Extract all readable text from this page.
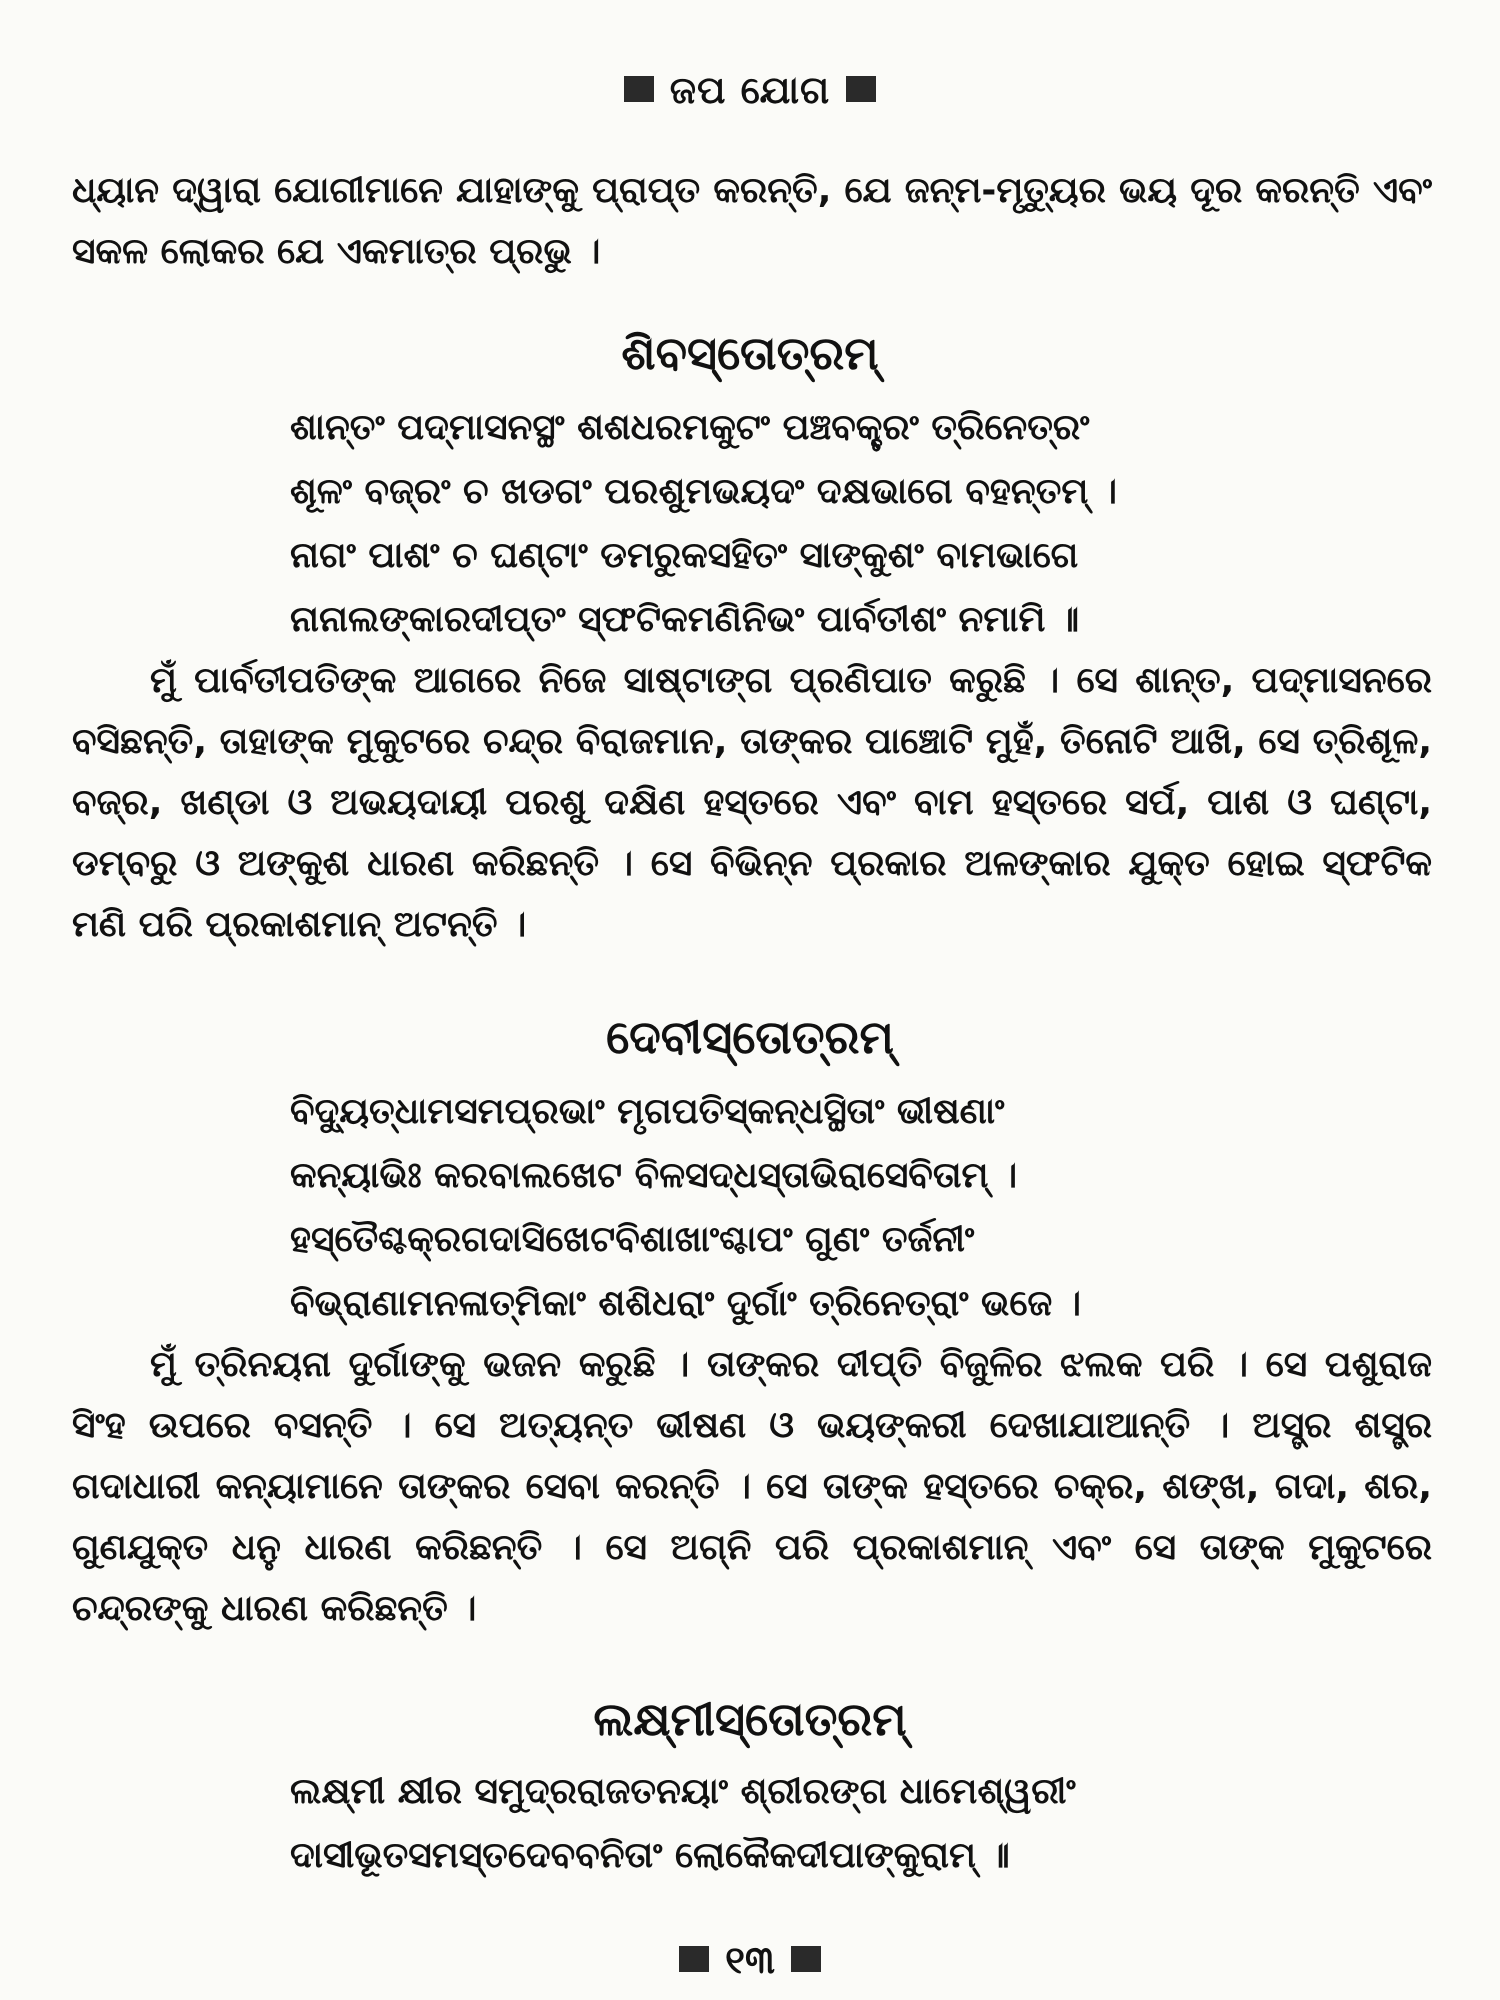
ଜପ ଯୋଗ

ଧ୍ୟାନ ଦ୍ୱାରା ଯୋଗୀମାନେ ଯାହାଙ୍କୁ ପ୍ରାପ୍ତ କରନ୍ତି, ଯେ ଜନ୍ମ-ମୃତ୍ୟୁର ଭୟ ଦୂର କରନ୍ତି ଏବଂ ସକଳ ଲୋକର ଯେ ଏକମାତ୍ର ପ୍ରଭୁ ।

ଶିବସ୍ତୋତ୍ରମ୍
ଶାନ୍ତଂ ପଦ୍ମାସନସ୍ଥଂ ଶଶଧରମକୁଟଂ ପଞ୍ଚବକ୍ତ୍ରଂ ତ୍ରିନେତ୍ରଂ
ଶୂଳଂ ବଜ୍ରଂ ଚ ଖଡଗଂ ପରଶୁମଭୟଦଂ ଦକ୍ଷଭାଗେ ବହନ୍ତମ୍ ।
ନାଗଂ ପାଶଂ ଚ ଘଣ୍ଟାଂ ଡମରୁକସହିତଂ ସାଙ୍କୁଶଂ ବାମଭାଗେ
ନାନାଲଙ୍କାରଦୀପ୍ତଂ ସ୍ଫଟିକମଣିନିଭଂ ପାର୍ବତୀଶଂ ନମାମି ॥

ମୁଁ ପାର୍ବତୀପତିଙ୍କ ଆଗରେ ନିଜେ ସାଷ୍ଟାଙ୍ଗ ପ୍ରଣିପାତ କରୁଛି । ସେ ଶାନ୍ତ, ପଦ୍ମାସନରେ ବସିଛନ୍ତି, ତାହାଙ୍କ ମୁକୁଟରେ ଚନ୍ଦ୍ର ବିରାଜମାନ, ତାଙ୍କର ପାଞ୍ଚୋଟି ମୁହଁ, ତିନୋଟି ଆଖି, ସେ ତ୍ରିଶୂଳ, ବଜ୍ର, ଖଣ୍ଡା ଓ ଅଭୟଦାୟୀ ପରଶୁ ଦକ୍ଷିଣ ହସ୍ତରେ ଏବଂ ବାମ ହସ୍ତରେ ସର୍ପ, ପାଶ ଓ ଘଣ୍ଟା, ଡମ୍ବରୁ ଓ ଅଙ୍କୁଶ ଧାରଣ କରିଛନ୍ତି । ସେ ବିଭିନ୍ନ ପ୍ରକାର ଅଳଙ୍କାର ଯୁକ୍ତ ହୋଇ ସ୍ଫଟିକ ମଣି ପରି ପ୍ରକାଶମାନ୍ ଅଟନ୍ତି ।

ଦେବୀସ୍ତୋତ୍ରମ୍
ବିଦ୍ୟୁତ୍‌ଧାମସମପ୍ରଭାଂ ମୃଗପତିସ୍କନ୍ଧସ୍ଥିତାଂ ଭୀଷଣାଂ
କନ୍ୟାଭିଃ କରବାଲଖେଟ ବିଳସଦ୍ଧସ୍ତାଭିରାସେବିତାମ୍ ।
ହସ୍ତୈଶ୍ଚକ୍ରଗଦାସିଖେଟବିଶାଖାଂଶ୍ଚାପଂ ଗୁଣଂ ତର୍ଜନୀଂ
ବିଭ୍ରାଣାମନଳାତ୍ମିକାଂ ଶଶିଧରାଂ ଦୁର୍ଗାଂ ତ୍ରିନେତ୍ରାଂ ଭଜେ ।

ମୁଁ ତ୍ରିନୟନା ଦୁର୍ଗାଙ୍କୁ ଭଜନ କରୁଛି । ତାଙ୍କର ଦୀପ୍ତି ବିଜୁଳିର ଝଲକ ପରି । ସେ ପଶୁରାଜ ସିଂହ ଉପରେ ବସନ୍ତି । ସେ ଅତ୍ୟନ୍ତ ଭୀଷଣ ଓ ଭୟଙ୍କରୀ ଦେଖାଯାଆନ୍ତି । ଅସ୍ତ୍ର ଶସ୍ତ୍ର ଗଦାଧାରୀ କନ୍ୟାମାନେ ତାଙ୍କର ସେବା କରନ୍ତି । ସେ ତାଙ୍କ ହସ୍ତରେ ଚକ୍ର, ଶଙ୍ଖ, ଗଦା, ଶର, ଗୁଣଯୁକ୍ତ ଧନୁ ଧାରଣ କରିଛନ୍ତି । ସେ ଅଗ୍ନି ପରି ପ୍ରକାଶମାନ୍ ଏବଂ ସେ ତାଙ୍କ ମୁକୁଟରେ ଚନ୍ଦ୍ରଙ୍କୁ ଧାରଣ କରିଛନ୍ତି ।

ଲକ୍ଷ୍ମୀସ୍ତୋତ୍ରମ୍
ଲକ୍ଷ୍ମୀ କ୍ଷୀର ସମୁଦ୍ରରାଜତନୟାଂ ଶ୍ରୀରଙ୍ଗ ଧାମେଶ୍ୱରୀଂ
ଦାସୀଭୂତସମସ୍ତଦେବବନିତାଂ ଲୋକୈକଦୀପାଙ୍କୁରାମ୍ ॥
୧୩
